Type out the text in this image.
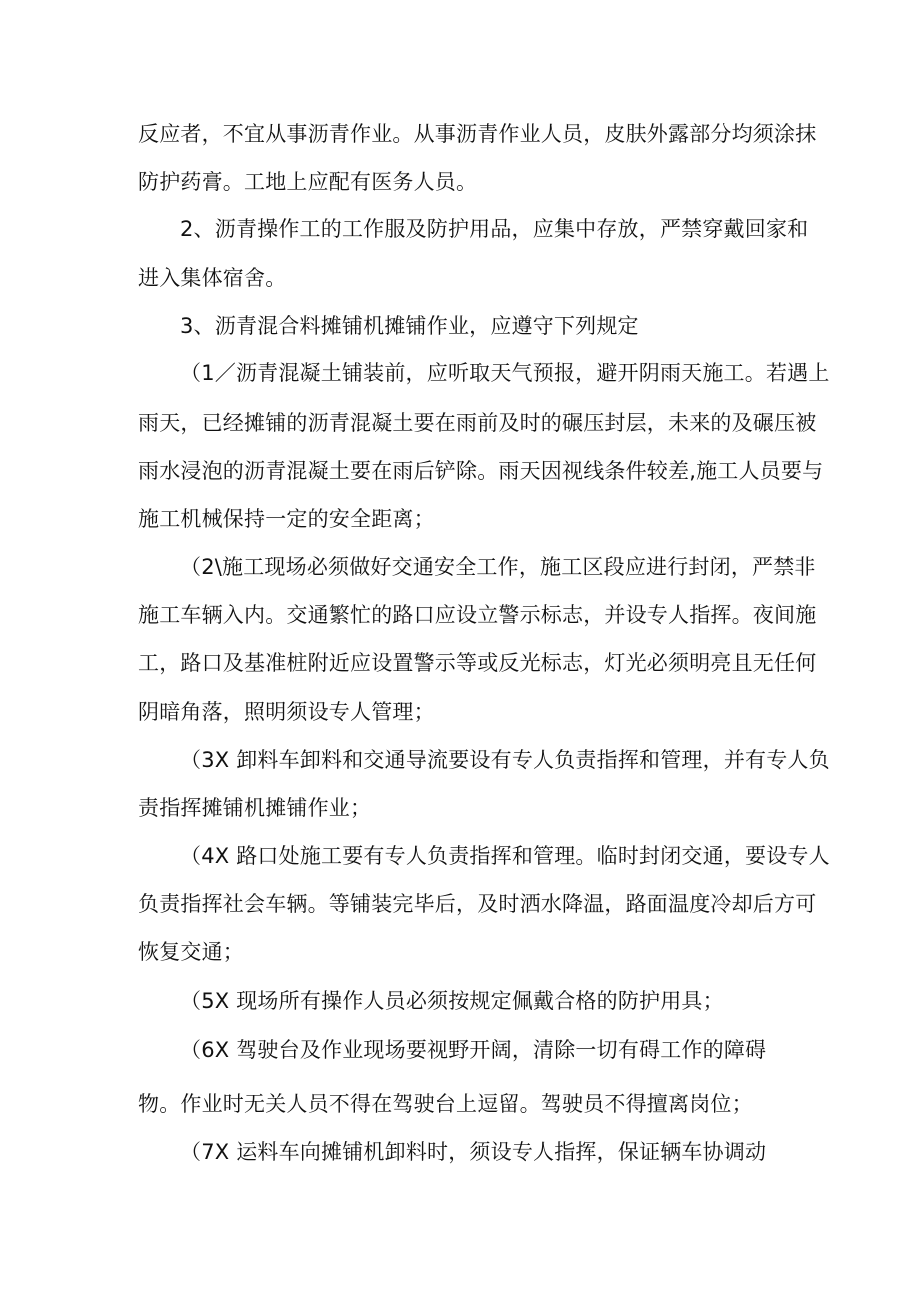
反应者，不宜从事沥青作业。从事沥青作业人员，皮肤外露部分均须涂抹
防护药膏。工地上应配有医务人员。
2、沥青操作工的工作服及防护用品，应集中存放，严禁穿戴回家和
进入集体宿舍。
3、沥青混合料摊铺机摊铺作业，应遵守下列规定
（1／沥青混凝土铺装前，应听取天气预报，避开阴雨天施工。若遇上
雨天，已经摊铺的沥青混凝土要在雨前及时的碾压封层，未来的及碾压被
雨水浸泡的沥青混凝土要在雨后铲除。雨天因视线条件较差,施工人员要与
施工机械保持一定的安全距离；
（2\施工现场必须做好交通安全工作，施工区段应进行封闭，严禁非
施工车辆入内。交通繁忙的路口应设立警示标志，并设专人指挥。夜间施
工，路口及基准桩附近应设置警示等或反光标志，灯光必须明亮且无任何
阴暗角落，照明须设专人管理；
（3X 卸料车卸料和交通导流要设有专人负责指挥和管理，并有专人负
责指挥摊铺机摊铺作业；
（4X 路口处施工要有专人负责指挥和管理。临时封闭交通，要设专人
负责指挥社会车辆。等铺装完毕后，及时洒水降温，路面温度冷却后方可
恢复交通；
（5X 现场所有操作人员必须按规定佩戴合格的防护用具；
（6X 驾驶台及作业现场要视野开阔，清除一切有碍工作的障碍
物。作业时无关人员不得在驾驶台上逗留。驾驶员不得擅离岗位；
（7X 运料车向摊铺机卸料时，须设专人指挥，保证辆车协调动
